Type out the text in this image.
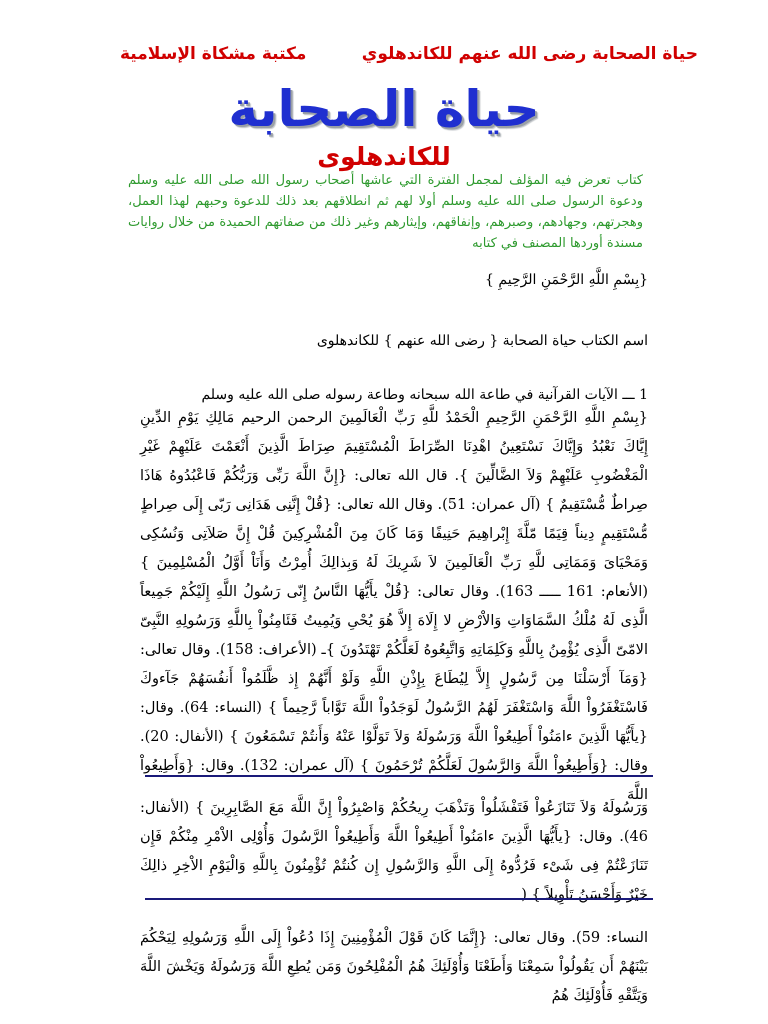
حياة الصحابة رضى الله عنهم للكاندهلوي
مكتبة مشكاة الإسلامية
حياة الصحابة
للكاندهلوى
كتاب تعرض فيه المؤلف لمجمل الفترة التي عاشها أصحاب رسول الله صلى الله عليه وسلم ودعوة الرسول صلى الله عليه وسلم أولا لهم ثم انطلاقهم بعد ذلك للدعوة وحبهم لهذا العمل، وهجرتهم، وجهادهم، وصبرهم، وإنفاقهم، وإيثارهم وغير ذلك من صفاتهم الحميدة من خلال روايات مسندة أوردها المصنف في كتابه
{بِسْمِ اللَّهِ الرَّحْمَنِ الرَّحِيمِ }
اسم الكتاب حياة الصحابة { رضى الله عنهم } للكاندهلوى
1 ـــ الآيات القرآنية في طاعة الله سبحانه وطاعة رسوله صلى الله عليه وسلم
{بِسْمِ اللَّهِ الرَّحْمَنِ الرَّحِيمِ الْحَمْدُ للَّهِ رَبِّ الْعَالَمِينَ الرحمن الرحيم مَالِكِ يَوْمِ الدِّينِ إِيَّاكَ نَعْبُدُ وَإِيَّاكَ نَسْتَعِينُ اهْدِنَا الصِّرَاطَ الْمُسْتَقِيمَ صِرَاطَ الَّذِينَ أَنْعَمْتَ عَلَيْهِمْ غَيْرِ الْمَغْضُوبِ عَلَيْهِمْ وَلاَ الضَّالِّينَ }. قال الله تعالى: {إِنَّ اللَّهَ رَبِّى وَرَبُّكُمْ فَاعْبُدُوهُ هَاذَا صِراطٌ مُّسْتَقِيمٌ } (آل عمران: 51). وقال الله تعالى: {قُلْ إِنَّنِى هَدَانِى رَبّى إِلَى صِراطٍ مُّسْتَقِيمٍ دِيناً قِيَمًا مّلَّةَ إِبْراهِيمَ حَنِيفًا وَمَا كَانَ مِنَ الْمُشْرِكِينَ قُلْ إِنَّ صَلاَتِى وَنُسُكِى وَمَحْيَاىَ وَمَمَاتِى للَّهِ رَبِّ الْعَالَمِينَ لاَ شَرِيكَ لَهُ وَبِذالِكَ أُمِرْتُ وَأَنَاْ أَوَّلُ الْمُسْلِمِينَ } (الأنعام: 161 ـــــ 163). وقال تعالى: {قُلْ يأَيُّهَا النَّاسُ إِنّى رَسُولُ اللَّهِ إِلَيْكُمْ جَمِيعاً الَّذِى لَهُ مُلْكُ السَّمَاوَاتِ وَالاْرْضِ لا إِلَاهَ إِلاَّ هُوَ يُحْىِ وَيُمِيتُ فَئَامِنُواْ بِاللَّهِ وَرَسُولِهِ النَّبِىّ الامّىّ الَّذِى يُؤْمِنُ بِاللَّهِ وَكَلِمَاتِهِ وَاتَّبِعُوهُ لَعَلَّكُمْ تَهْتَدُونَ }ـ (الأعراف: 158). وقال تعالى: {وَمَآ أَرْسَلْنَا مِن رَّسُولٍ إِلاَّ لِيُطَاعَ بِإِذْنِ اللَّهِ وَلَوْ أَنَّهُمْ إِذ ظَّلَمُواْ أَنفُسَهُمْ جَآءوكَ فَاسْتَغْفَرُواْ اللَّهَ وَاسْتَغْفَرَ لَهُمُ الرَّسُولُ لَوَجَدُواْ اللَّهَ تَوَّاباً رَّحِيماً } (النساء: 64). وقال: {يأَيُّهَا الَّذِينَ ءامَنُواْ أَطِيعُواْ اللَّهَ وَرَسُولَهُ وَلاَ تَوَلَّوْا عَنْهُ وَأَنتُمْ تَسْمَعُونَ } (الأنفال: 20). وقال: {وَأَطِيعُواْ اللَّهَ وَالرَّسُولَ لَعَلَّكُمْ تُرْحَمُونَ } (آل عمران: 132). وقال: {وَأَطِيعُواْ اللَّهَ
وَرَسُولَهُ وَلاَ تَنَازَعُواْ فَتَفْشَلُواْ وَتَذْهَبَ رِيحُكُمْ وَاصْبِرُواْ إِنَّ اللَّهَ مَعَ الصَّابِرِينَ } (الأنفال: 46). وقال: {يأَيُّهَا الَّذِينَ ءامَنُواْ أَطِيعُواْ اللَّهَ وَأَطِيعُواْ الرَّسُولَ وَأُوْلِى الاْمْرِ مِنْكُمْ فَإِن تَنَازَعْتُمْ فِى شَىْء فَرُدُّوهُ إِلَى اللَّهِ وَالرَّسُولِ إِن كُنتُمْ تُؤْمِنُونَ بِاللَّهِ وَالْيَوْمِ الاْخِرِ ذالِكَ خَيْرٌ وَأَحْسَنُ تَأْوِيلاً } (
النساء: 59). وقال تعالى: {إِنَّمَا كَانَ قَوْلَ الْمُؤْمِنِينَ إِذَا دُعُواْ إِلَى اللَّهِ وَرَسُولِهِ لِيَحْكُمَ بَيْنَهُمْ أَن يَقُولُواْ سَمِعْنَا وَأَطَعْنَا وَأُوْلَئِكَ هُمُ الْمُفْلِحُونَ وَمَن يُطِعِ اللَّهَ وَرَسُولَهُ وَيَخْشَ اللَّهَ وَيَتَّقْهِ فَأُوْلَئِكَ هُمُ
